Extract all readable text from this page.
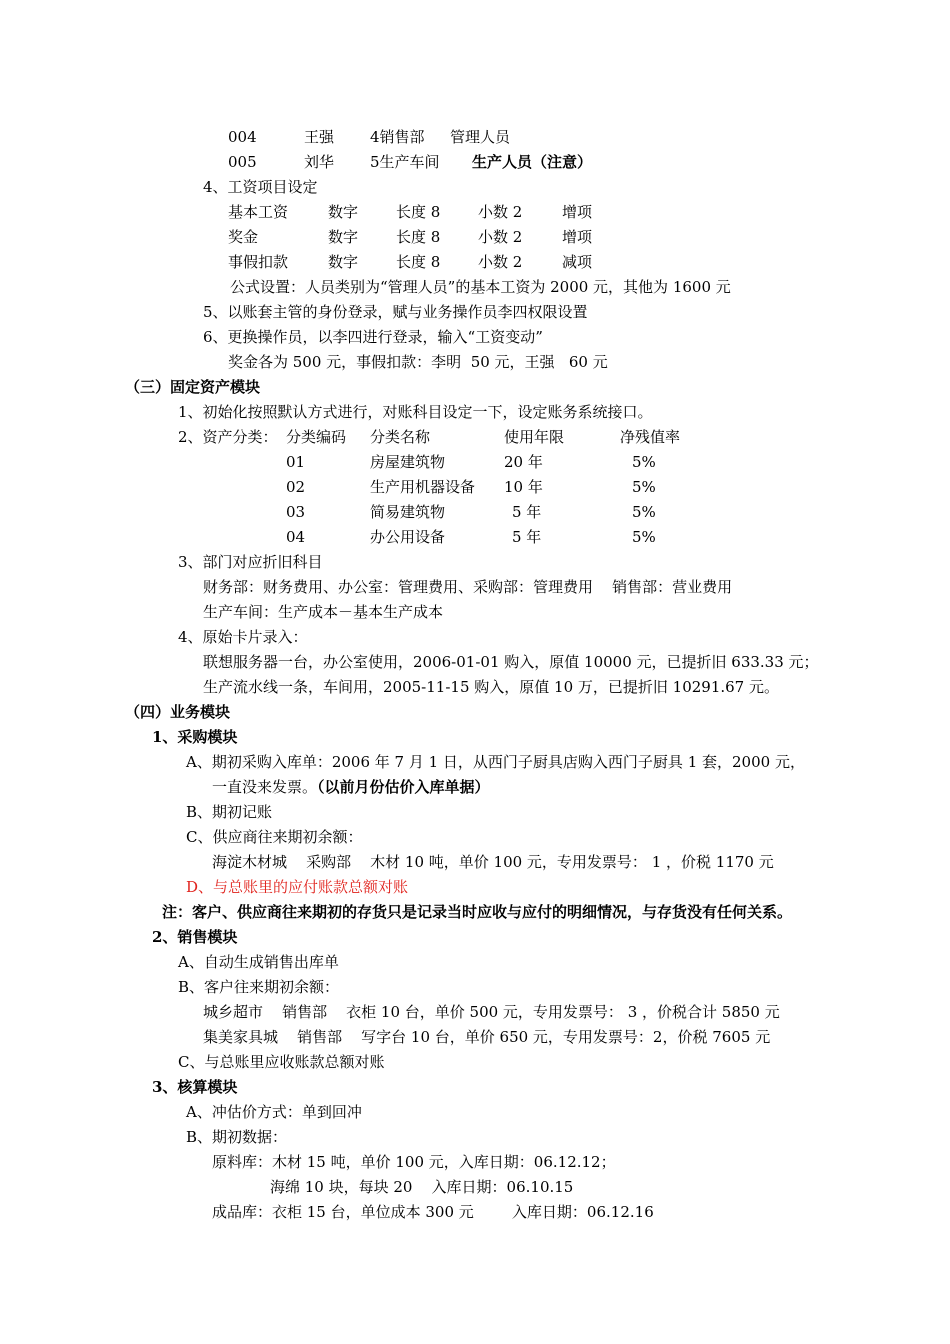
004	王强 4销售部 管理人员
005	刘华 5生产车间 生产人员（注意）
4、工资项目设定
基本工资	数字	长度 8	小数 2	增项
奖金	数字	长度 8	小数 2	增项
事假扣款	数字	长度 8	小数 2	减项
公式设置：人员类别为“管理人员”的基本工资为 2000 元，其他为 1600 元
5、以账套主管的身份登录，赋与业务操作员李四权限设置
6、更换操作员，以李四进行登录，输入“工资变动”
奖金各为 500 元，事假扣款：李明  50 元，王强   60 元
（三）固定资产模块
1、初始化按照默认方式进行，对账科目设定一下，设定账务系统接口。
2、资产分类： 分类编码 分类名称	使用年限	净残值率
01	房屋建筑物	20 年	5%
02	生产用机器设备 10 年	5%
03	简易建筑物	5 年	5%
04	办公用设备	5 年	5%
3、部门对应折旧科目
财务部：财务费用、办公室：管理费用、采购部：管理费用    销售部：营业费用
生产车间：生产成本－基本生产成本
4、原始卡片录入：
联想服务器一台，办公室使用，2006-01-01 购入，原值 10000 元，已提折旧 633.33 元；
生产流水线一条，车间用，2005-11-15 购入，原值 10 万，已提折旧 10291.67 元。
（四）业务模块
1、采购模块
A、期初采购入库单：2006 年 7 月 1 日，从西门子厨具店购入西门子厨具 1 套，2000 元，
一直没来发票。（以前月份估价入库单据）
B、期初记账
C、供应商往来期初余额：
海淀木材城    采购部    木材 10 吨，单价 100 元，专用发票号： 1 ，价税 1170 元
D、与总账里的应付账款总额对账
注：客户、供应商往来期初的存货只是记录当时应收与应付的明细情况，与存货没有任何关系。
2、销售模块
A、自动生成销售出库单
B、客户往来期初余额：
城乡超市    销售部    衣柜 10 台，单价 500 元，专用发票号： 3 ，价税合计 5850 元
集美家具城    销售部    写字台 10 台，单价 650 元，专用发票号：2，价税 7605 元
C、与总账里应收账款总额对账
3、核算模块
A、冲估价方式：单到回冲
B、期初数据：
原料库：木材 15 吨，单价 100 元，入库日期：06.12.12；
海绵 10 块，每块 20    入库日期：06.10.15
成品库：衣柜 15 台，单位成本 300 元        入库日期：06.12.16
